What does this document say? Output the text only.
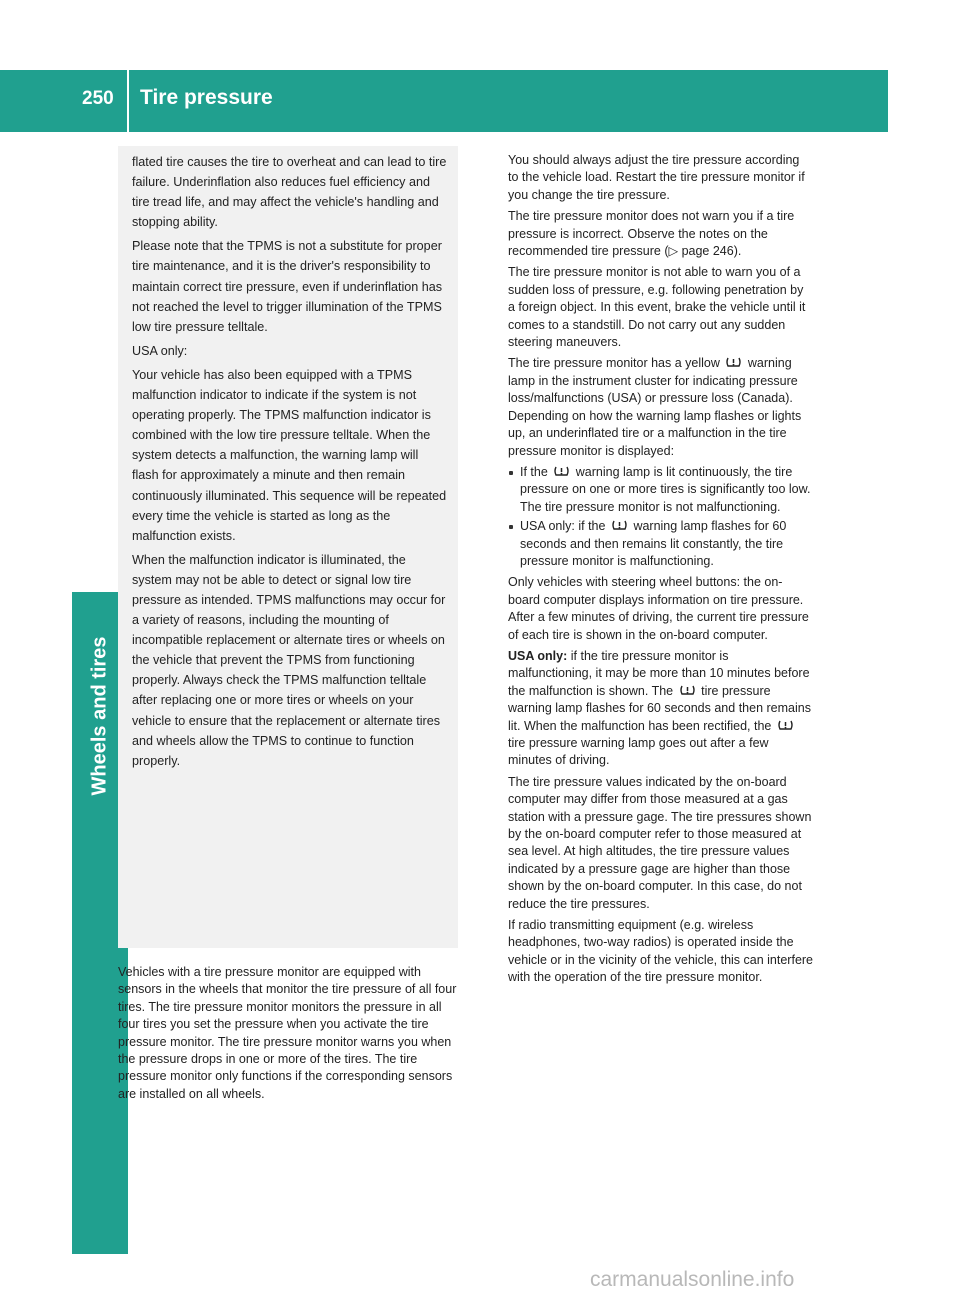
250	Tire pressure
Wheels and tires

flated tire causes the tire to overheat and can lead to tire failure. Underinflation also reduces fuel efficiency and tire tread life, and may affect the vehicle's handling and stopping ability.

Please note that the TPMS is not a substitute for proper tire maintenance, and it is the driver's responsibility to maintain correct tire pressure, even if underinflation has not reached the level to trigger illumination of the TPMS low tire pressure telltale.

USA only:

Your vehicle has also been equipped with a TPMS malfunction indicator to indicate if the system is not operating properly. The TPMS malfunction indicator is combined with the low tire pressure telltale. When the system detects a malfunction, the warning lamp will flash for approximately a minute and then remain continuously illuminated. This sequence will be repeated every time the vehicle is started as long as the malfunction exists.

When the malfunction indicator is illuminated, the system may not be able to detect or signal low tire pressure as intended. TPMS malfunctions may occur for a variety of reasons, including the mounting of incompatible replacement or alternate tires or wheels on the vehicle that prevent the TPMS from functioning properly. Always check the TPMS malfunction telltale after replacing one or more tires or wheels on your vehicle to ensure that the replacement or alternate tires and wheels allow the TPMS to continue to function properly.

Vehicles with a tire pressure monitor are equipped with sensors in the wheels that monitor the tire pressure of all four tires. The tire pressure monitor monitors the pressure in all four tires you set the pressure when you activate the tire pressure monitor. The tire pressure monitor warns you when the pressure drops in one or more of the tires. The tire pressure monitor only functions if the corresponding sensors are installed on all wheels.

You should always adjust the tire pressure according to the vehicle load. Restart the tire pressure monitor if you change the tire pressure.

The tire pressure monitor does not warn you if a tire pressure is incorrect. Observe the notes on the recommended tire pressure (▷ page 246).

The tire pressure monitor is not able to warn you of a sudden loss of pressure, e.g. following penetration by a foreign object. In this event, brake the vehicle until it comes to a standstill. Do not carry out any sudden steering maneuvers.

The tire pressure monitor has a yellow warning lamp in the instrument cluster for indicating pressure loss/malfunctions (USA) or pressure loss (Canada). Depending on how the warning lamp flashes or lights up, an underinflated tire or a malfunction in the tire pressure monitor is displayed:

If the warning lamp is lit continuously, the tire pressure on one or more tires is significantly too low. The tire pressure monitor is not malfunctioning.
USA only: if the warning lamp flashes for 60 seconds and then remains lit constantly, the tire pressure monitor is malfunctioning.

Only vehicles with steering wheel buttons: the on-board computer displays information on tire pressure. After a few minutes of driving, the current tire pressure of each tire is shown in the on-board computer.

USA only: if the tire pressure monitor is malfunctioning, it may be more than 10 minutes before the malfunction is shown. The tire pressure warning lamp flashes for 60 seconds and then remains lit. When the malfunction has been rectified, the  tire pressure warning lamp goes out after a few minutes of driving.

The tire pressure values indicated by the on-board computer may differ from those measured at a gas station with a pressure gage. The tire pressures shown by the on-board computer refer to those measured at sea level. At high altitudes, the tire pressure values indicated by a pressure gage are higher than those shown by the on-board computer. In this case, do not reduce the tire pressures.

If radio transmitting equipment (e.g. wireless headphones, two-way radios) is operated inside the vehicle or in the vicinity of the vehicle, this can interfere with the operation of the tire pressure monitor.

carmanualsonline.info
